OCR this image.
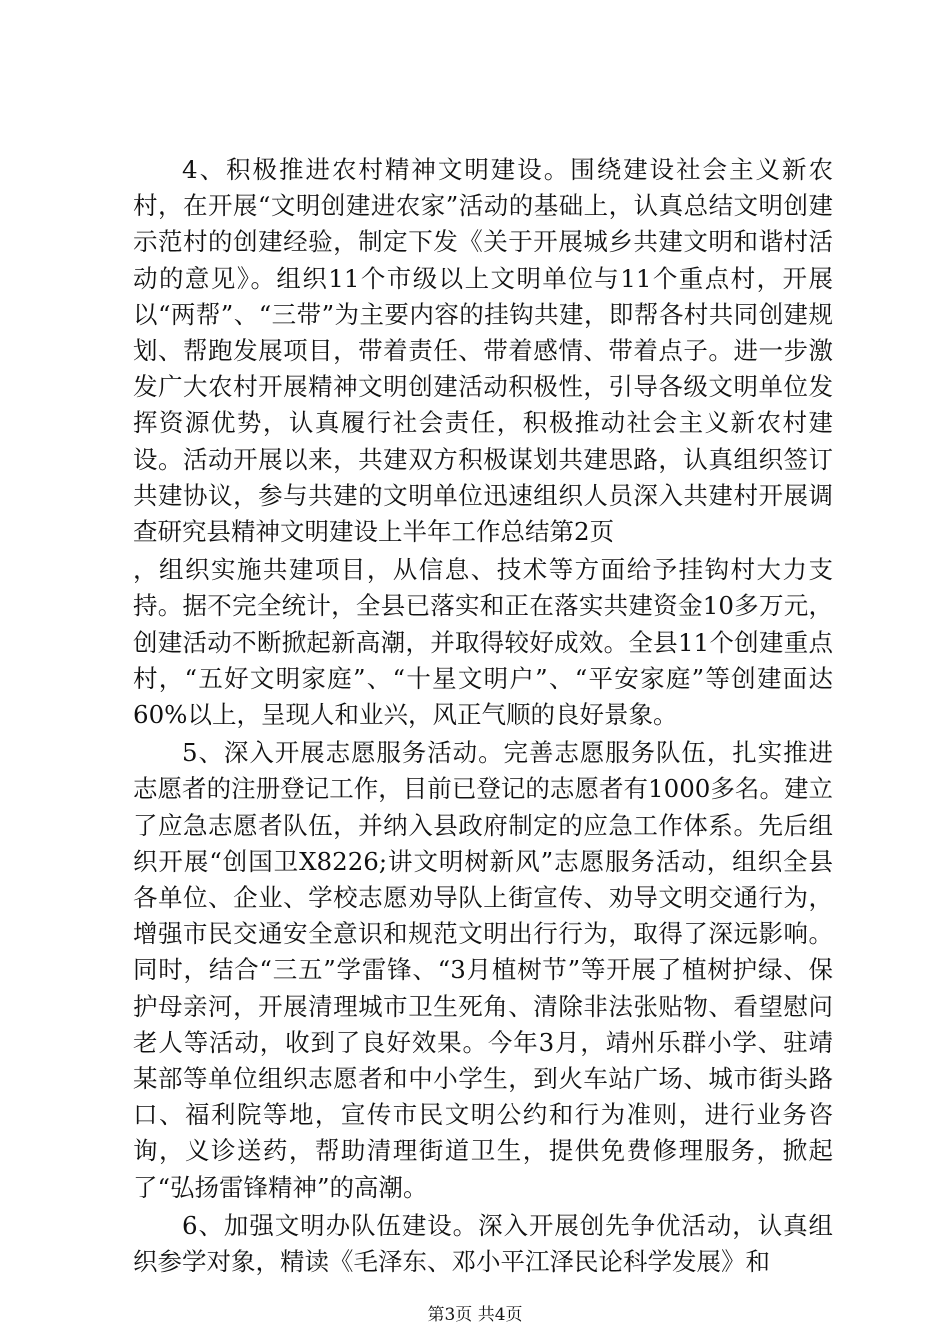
4、积极推进农村精神文明建设。围绕建设社会主义新农村，在开展“文明创建进农家”活动的基础上，认真总结文明创建示范村的创建经验，制定下发《关于开展城乡共建文明和谐村活动的意见》。组织11个市级以上文明单位与11个重点村，开展以“两帮”、“三带”为主要内容的挂钩共建，即帮各村共同创建规划、帮跑发展项目，带着责任、带着感情、带着点子。进一步激发广大农村开展精神文明创建活动积极性，引导各级文明单位发挥资源优势，认真履行社会责任，积极推动社会主义新农村建设。活动开展以来，共建双方积极谋划共建思路，认真组织签订共建协议，参与共建的文明单位迅速组织人员深入共建村开展调查研究县精神文明建设上半年工作总结第2页

，组织实施共建项目，从信息、技术等方面给予挂钩村大力支持。据不完全统计，全县已落实和正在落实共建资金10多万元，创建活动不断掀起新高潮，并取得较好成效。全县11个创建重点村，“五好文明家庭”、“十星文明户”、“平安家庭”等创建面达60%以上，呈现人和业兴，风正气顺的良好景象。

5、深入开展志愿服务活动。完善志愿服务队伍，扎实推进志愿者的注册登记工作，目前已登记的志愿者有1000多名。建立了应急志愿者队伍，并纳入县政府制定的应急工作体系。先后组织开展“创国卫X8226;讲文明树新风”志愿服务活动，组织全县各单位、企业、学校志愿劝导队上街宣传、劝导文明交通行为，增强市民交通安全意识和规范文明出行行为，取得了深远影响。同时，结合“三五”学雷锋、“3月植树节”等开展了植树护绿、保护母亲河，开展清理城市卫生死角、清除非法张贴物、看望慰问老人等活动，收到了良好效果。今年3月，靖州乐群小学、驻靖某部等单位组织志愿者和中小学生，到火车站广场、城市街头路口、福利院等地，宣传市民文明公约和行为准则，进行业务咨询，义诊送药，帮助清理街道卫生，提供免费修理服务，掀起了“弘扬雷锋精神”的高潮。

6、加强文明办队伍建设。深入开展创先争优活动，认真组织参学对象，精读《毛泽东、邓小平江泽民论科学发展》和

第3页 共4页
